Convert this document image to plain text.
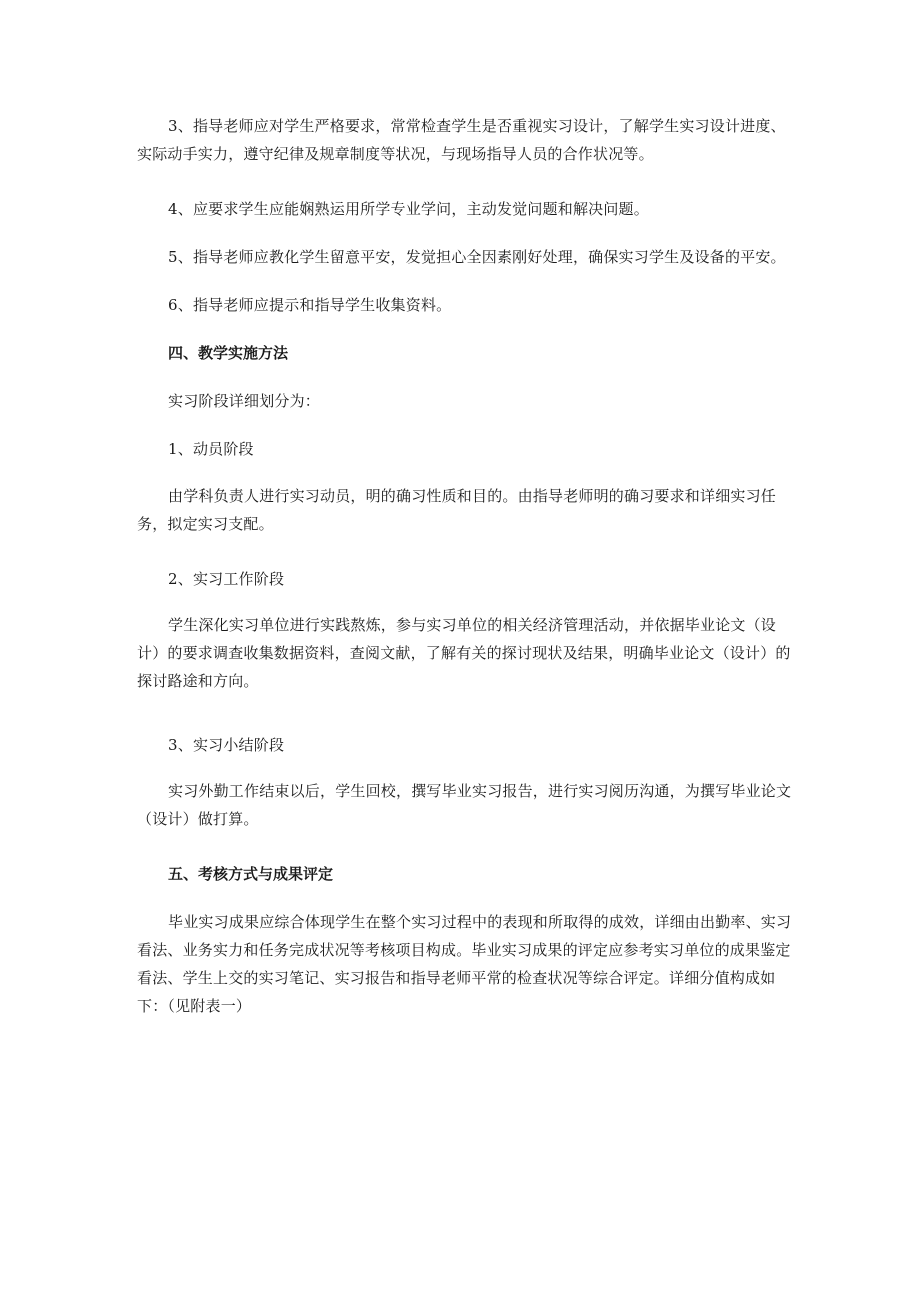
3、指导老师应对学生严格要求，常常检查学生是否重视实习设计，了解学生实习设计进度、实际动手实力，遵守纪律及规章制度等状况，与现场指导人员的合作状况等。

4、应要求学生应能娴熟运用所学专业学问，主动发觉问题和解决问题。

5、指导老师应教化学生留意平安，发觉担心全因素刚好处理，确保实习学生及设备的平安。

6、指导老师应提示和指导学生收集资料。

四、教学实施方法

实习阶段详细划分为：

1、动员阶段

由学科负责人进行实习动员，明的确习性质和目的。由指导老师明的确习要求和详细实习任务，拟定实习支配。

2、实习工作阶段

学生深化实习单位进行实践熬炼，参与实习单位的相关经济管理活动，并依据毕业论文（设计）的要求调查收集数据资料，查阅文献，了解有关的探讨现状及结果，明确毕业论文（设计）的探讨路途和方向。

3、实习小结阶段

实习外勤工作结束以后，学生回校，撰写毕业实习报告，进行实习阅历沟通，为撰写毕业论文（设计）做打算。

五、考核方式与成果评定

毕业实习成果应综合体现学生在整个实习过程中的表现和所取得的成效，详细由出勤率、实习看法、业务实力和任务完成状况等考核项目构成。毕业实习成果的评定应参考实习单位的成果鉴定看法、学生上交的实习笔记、实习报告和指导老师平常的检查状况等综合评定。详细分值构成如下：（见附表一）
